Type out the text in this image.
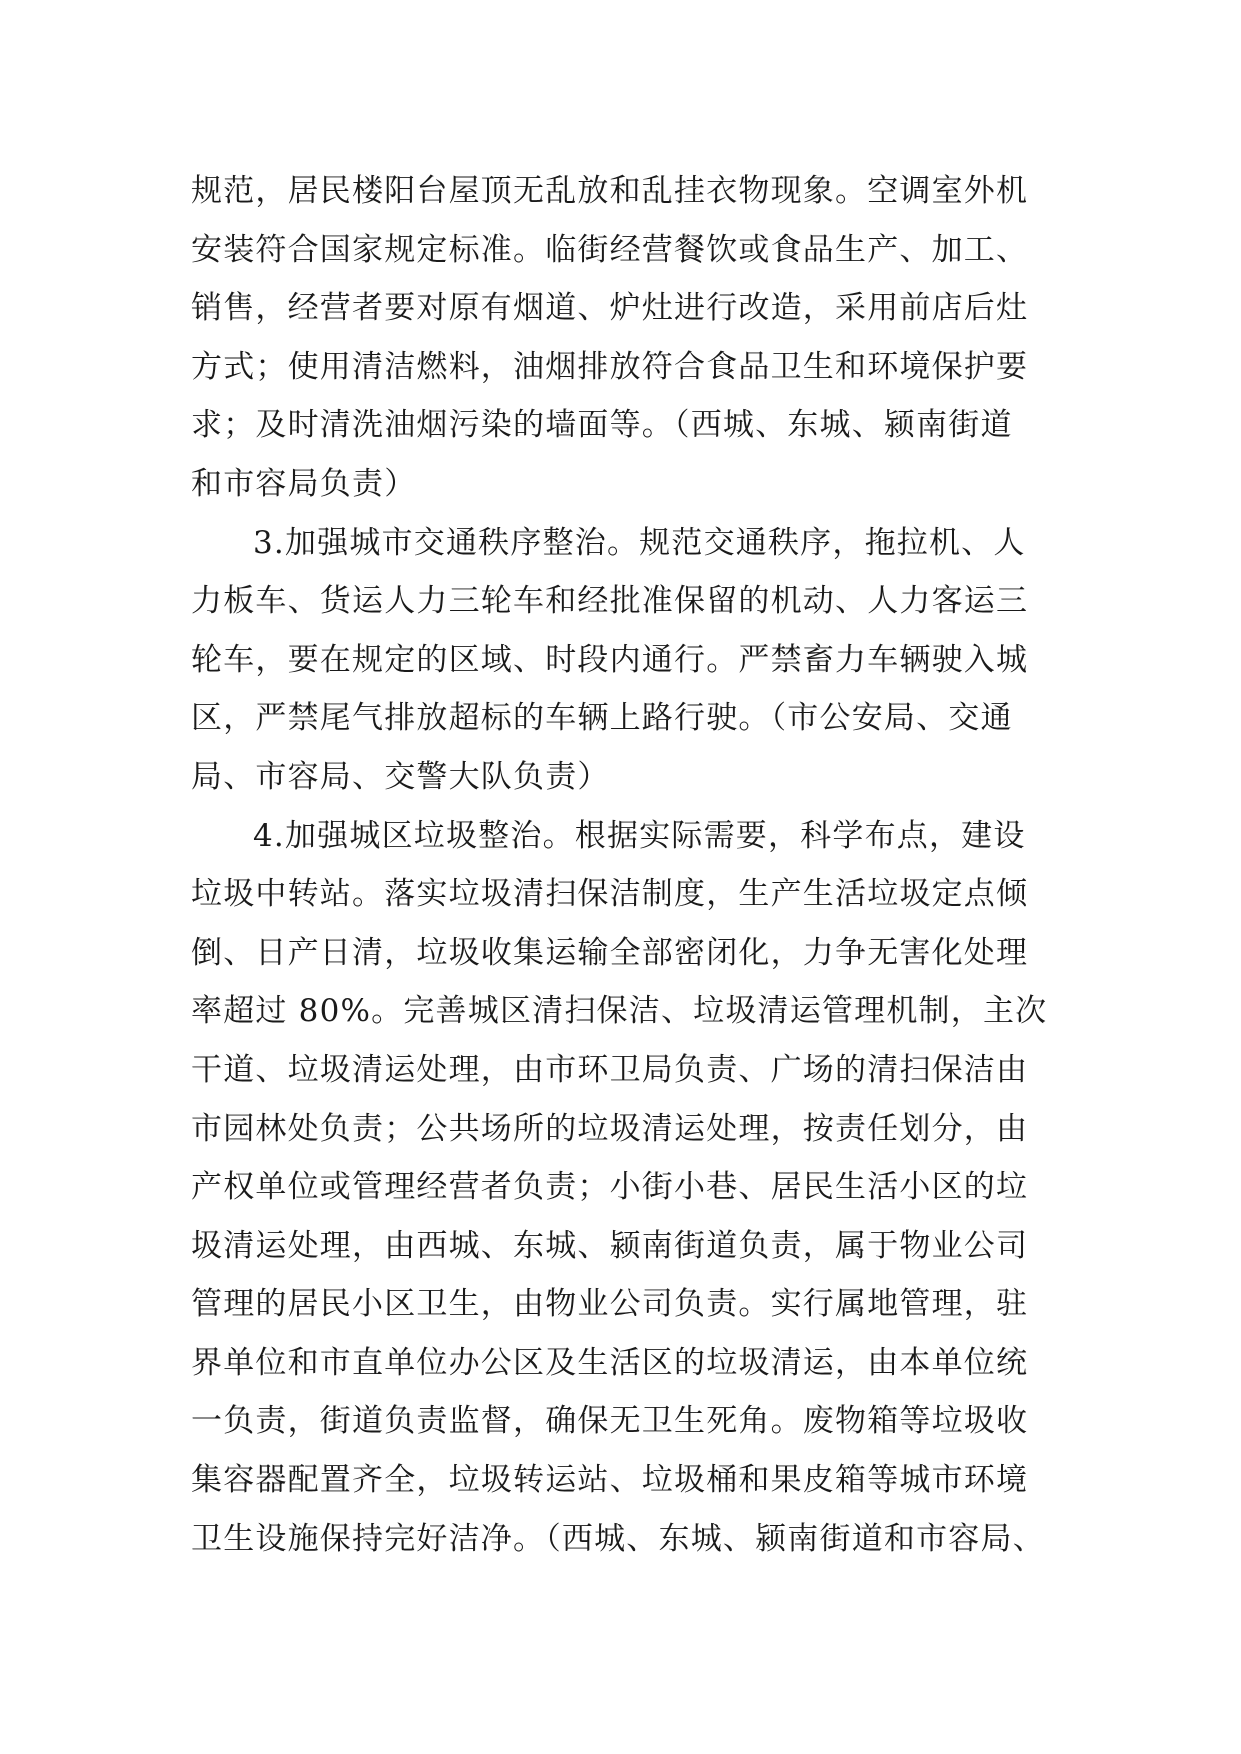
规范，居民楼阳台屋顶无乱放和乱挂衣物现象。空调室外机
安装符合国家规定标准。临街经营餐饮或食品生产、加工、
销售，经营者要对原有烟道、炉灶进行改造，采用前店后灶
方式；使用清洁燃料，油烟排放符合食品卫生和环境保护要
求；及时清洗油烟污染的墙面等。（西城、东城、颍南街道
和市容局负责）
3.加强城市交通秩序整治。规范交通秩序，拖拉机、人
力板车、货运人力三轮车和经批准保留的机动、人力客运三
轮车，要在规定的区域、时段内通行。严禁畜力车辆驶入城
区，严禁尾气排放超标的车辆上路行驶。（市公安局、交通
局、市容局、交警大队负责）
4.加强城区垃圾整治。根据实际需要，科学布点，建设
垃圾中转站。落实垃圾清扫保洁制度，生产生活垃圾定点倾
倒、日产日清，垃圾收集运输全部密闭化，力争无害化处理
率超过 80%。完善城区清扫保洁、垃圾清运管理机制，主次
干道、垃圾清运处理，由市环卫局负责、广场的清扫保洁由
市园林处负责；公共场所的垃圾清运处理，按责任划分，由
产权单位或管理经营者负责；小街小巷、居民生活小区的垃
圾清运处理，由西城、东城、颍南街道负责，属于物业公司
管理的居民小区卫生，由物业公司负责。实行属地管理，驻
界单位和市直单位办公区及生活区的垃圾清运，由本单位统
一负责，街道负责监督，确保无卫生死角。废物箱等垃圾收
集容器配置齐全，垃圾转运站、垃圾桶和果皮箱等城市环境
卫生设施保持完好洁净。（西城、东城、颍南街道和市容局、
